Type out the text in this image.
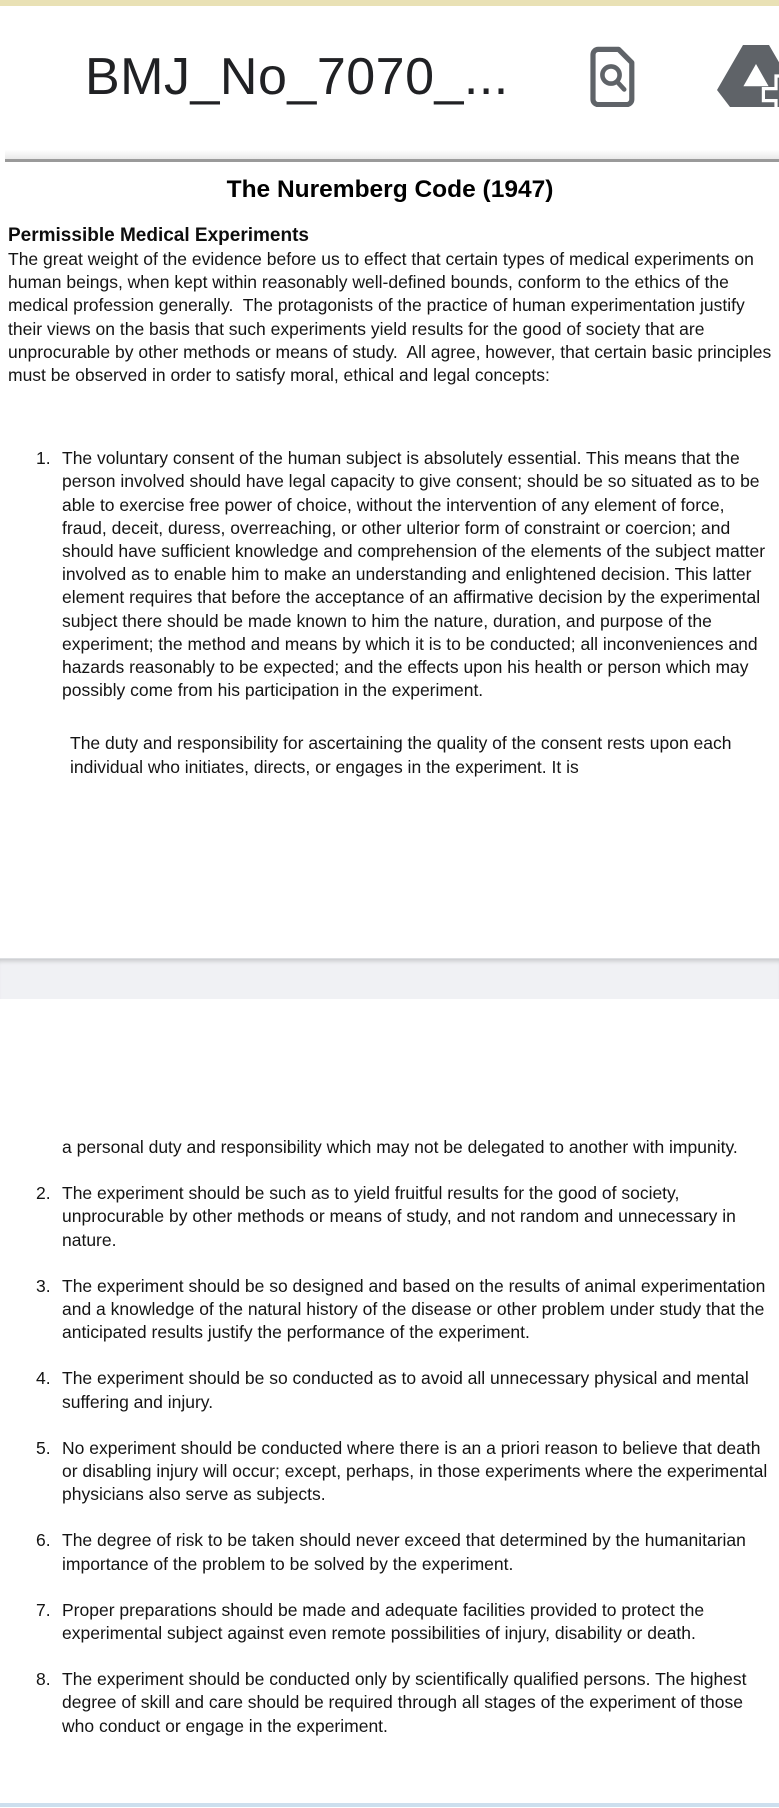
BMJ_No_7070_...
The Nuremberg Code (1947)
Permissible Medical Experiments

The great weight of the evidence before us to effect that certain types of medical experiments on human beings, when kept within reasonably well-defined bounds, conform to the ethics of the medical profession generally.  The protagonists of the practice of human experimentation justify their views on the basis that such experiments yield results for the good of society that are unprocurable by other methods or means of study.  All agree, however, that certain basic principles must be observed in order to satisfy moral, ethical and legal concepts:

1. The voluntary consent of the human subject is absolutely essential. This means that the person involved should have legal capacity to give consent; should be so situated as to be able to exercise free power of choice, without the intervention of any element of force, fraud, deceit, duress, overreaching, or other ulterior form of constraint or coercion; and should have sufficient knowledge and comprehension of the elements of the subject matter involved as to enable him to make an understanding and enlightened decision. This latter element requires that before the acceptance of an affirmative decision by the experimental subject there should be made known to him the nature, duration, and purpose of the experiment; the method and means by which it is to be conducted; all inconveniences and hazards reasonably to be expected; and the effects upon his health or person which may possibly come from his participation in the experiment.

The duty and responsibility for ascertaining the quality of the consent rests upon each individual who initiates, directs, or engages in the experiment. It is

a personal duty and responsibility which may not be delegated to another with impunity.

2. The experiment should be such as to yield fruitful results for the good of society, unprocurable by other methods or means of study, and not random and unnecessary in nature.
3. The experiment should be so designed and based on the results of animal experimentation and a knowledge of the natural history of the disease or other problem under study that the anticipated results justify the performance of the experiment.
4. The experiment should be so conducted as to avoid all unnecessary physical and mental suffering and injury.
5. No experiment should be conducted where there is an a priori reason to believe that death or disabling injury will occur; except, perhaps, in those experiments where the experimental physicians also serve as subjects.
6. The degree of risk to be taken should never exceed that determined by the humanitarian importance of the problem to be solved by the experiment.
7. Proper preparations should be made and adequate facilities provided to protect the experimental subject against even remote possibilities of injury, disability or death.
8. The experiment should be conducted only by scientifically qualified persons. The highest degree of skill and care should be required through all stages of the experiment of those who conduct or engage in the experiment.
